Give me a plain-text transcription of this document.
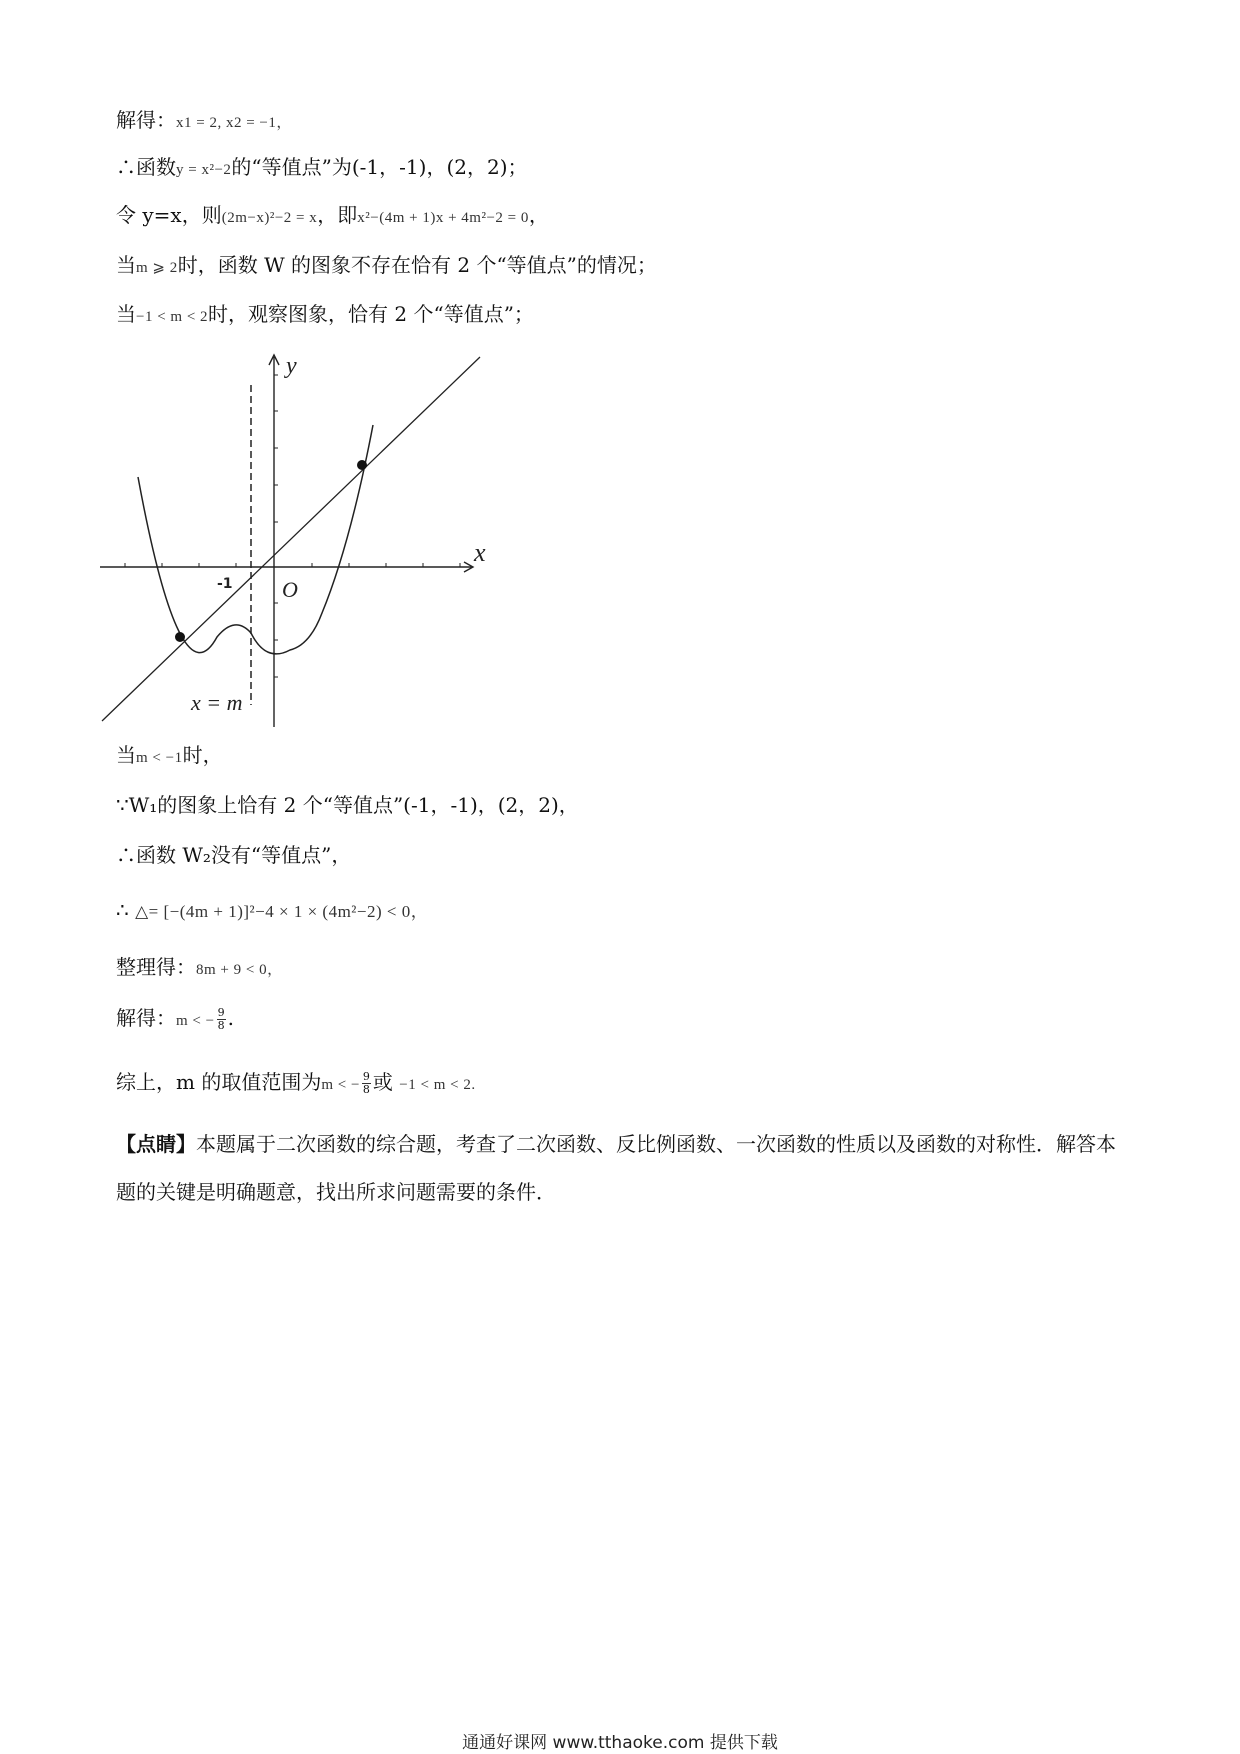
解得：x1 = 2, x2 = −1，
∴函数y = x²−2的“等值点”为(-1，-1)，(2，2)；
令 y=x，则(2m−x)²−2 = x，即x²−(4m + 1)x + 4m²−2 = 0，
当m ⩾ 2时，函数 W 的图象不存在恰有 2 个“等值点”的情况；
当−1 < m < 2时，观察图象，恰有 2 个“等值点”；
y
x
O
-1
x = m
当m < −1时，
∵W₁的图象上恰有 2 个“等值点”(-1，-1)，(2，2)，
∴函数 W₂没有“等值点”，
∴ △= [−(4m + 1)]²−4 × 1 × (4m²−2) < 0，
整理得：8m + 9 < 0，
解得：m < − $\frac{9}{8}$ .
综上，m 的取值范围为m < − $\frac{9}{8}$ 或 −1 < m < 2.
【点睛】本题属于二次函数的综合题，考查了二次函数、反比例函数、一次函数的性质以及函数的对称性．解答本题的关键是明确题意，找出所求问题需要的条件．
通通好课网 www.tthaoke.com 提供下载
